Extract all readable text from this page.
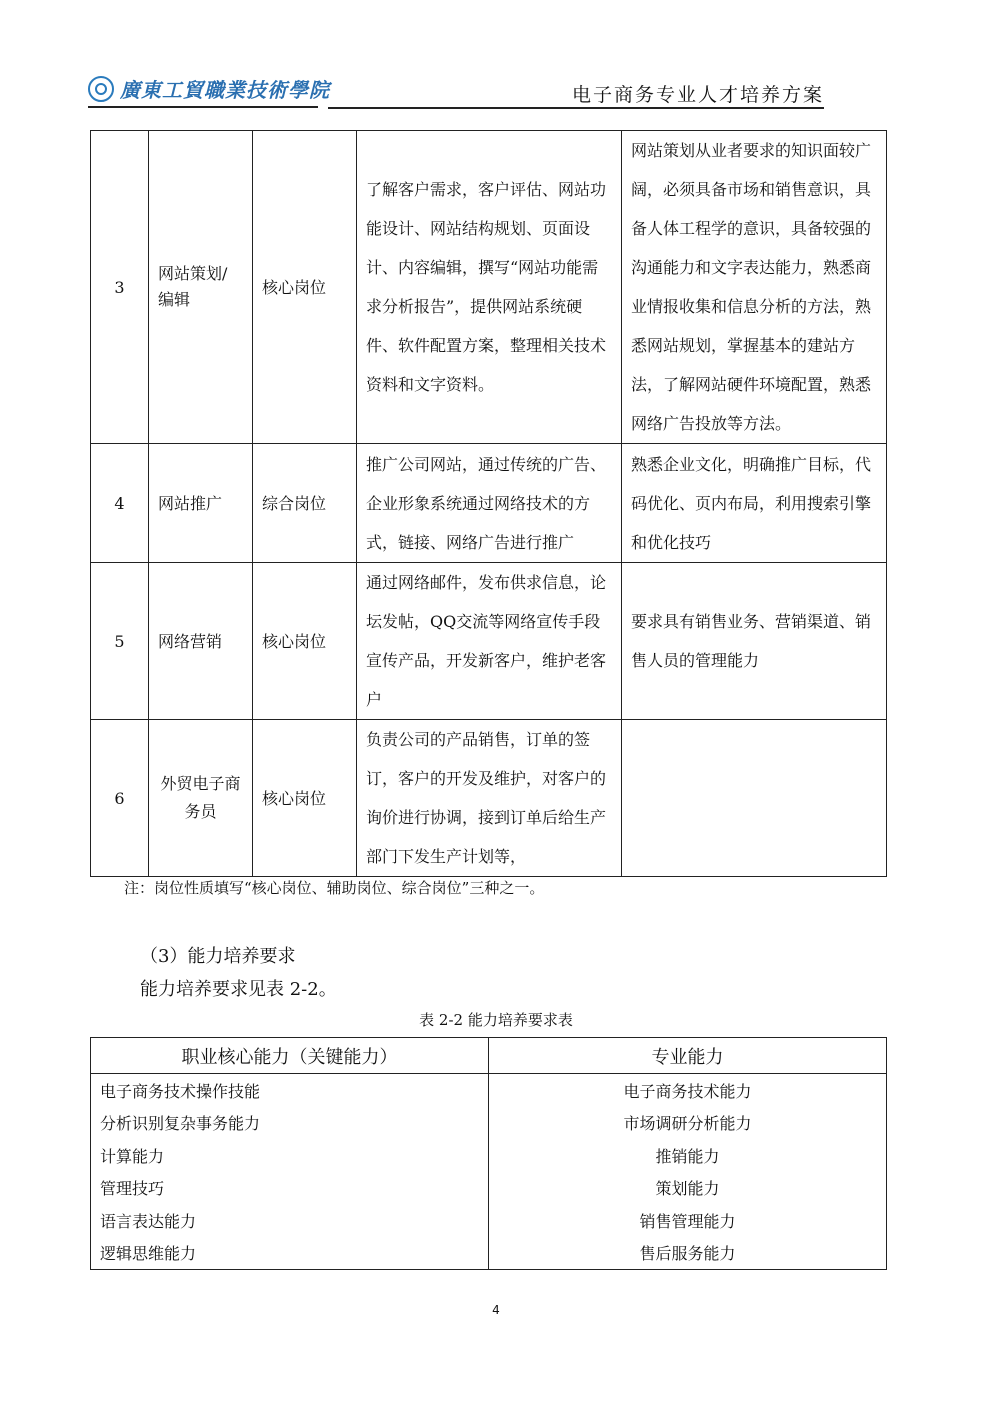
廣東工貿職業技術學院	电子商务专业人才培养方案
3	网站策划/编辑	核心岗位	了解客户需求，客户评估、网站功能设计、网站结构规划、页面设计、内容编辑，撰写“网站功能需求分析报告”，提供网站系统硬件、软件配置方案，整理相关技术资料和文字资料。	网站策划从业者要求的知识面较广阔，必须具备市场和销售意识，具备人体工程学的意识，具备较强的沟通能力和文字表达能力，熟悉商业情报收集和信息分析的方法，熟悉网站规划，掌握基本的建站方法，了解网站硬件环境配置，熟悉网络广告投放等方法。
4	网站推广	综合岗位	推广公司网站，通过传统的广告、企业形象系统通过网络技术的方式，链接、网络广告进行推广	熟悉企业文化，明确推广目标，代码优化、页内布局，利用搜索引擎和优化技巧
5	网络营销	核心岗位	通过网络邮件，发布供求信息，论坛发帖，QQ交流等网络宣传手段宣传产品，开发新客户，维护老客户	要求具有销售业务、营销渠道、销售人员的管理能力
6	外贸电子商务员	核心岗位	负责公司的产品销售，订单的签订，客户的开发及维护，对客户的询价进行协调，接到订单后给生产部门下发生产计划等，	
注：岗位性质填写“核心岗位、辅助岗位、综合岗位”三种之一。
（3）能力培养要求
能力培养要求见表 2-2。
表 2-2 能力培养要求表
职业核心能力（关键能力）	专业能力
电子商务技术操作技能	电子商务技术能力
分析识别复杂事务能力	市场调研分析能力
计算能力	推销能力
管理技巧	策划能力
语言表达能力	销售管理能力
逻辑思维能力	售后服务能力
4
